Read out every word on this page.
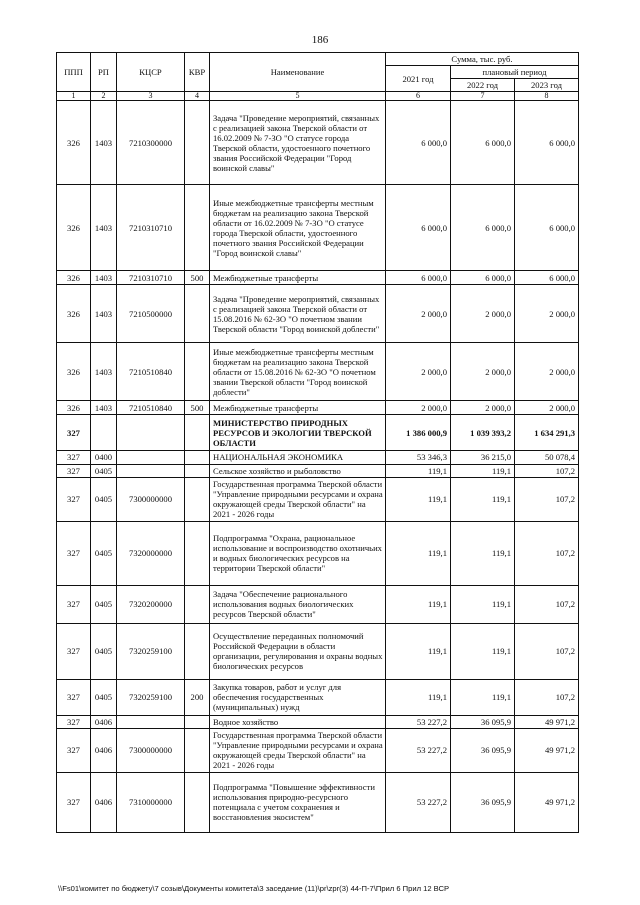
186
ППП	РП	КЦСР	КВР	Наименование	Сумма, тыс. руб.		
					2021 год	плановый период	
						2022 год	2023 год
1	2	3	4	5	6	7	8
326	1403	7210300000		Задача "Проведение мероприятий, связанных с реализацией закона Тверской области от 16.02.2009 № 7-ЗО "О статусе города Тверской области, удостоенного почетного звания Российской Федерации "Город воинской славы"	6 000,0	6 000,0	6 000,0
326	1403	7210310710		Иные межбюджетные трансферты местным бюджетам на реализацию закона Тверской области от 16.02.2009 № 7-ЗО "О статусе города Тверской области, удостоенного почетного звания Российской Федерации "Город воинской славы"	6 000,0	6 000,0	6 000,0
326	1403	7210310710	500	Межбюджетные трансферты	6 000,0	6 000,0	6 000,0
326	1403	7210500000		Задача "Проведение мероприятий, связанных с реализацией закона Тверской области от 15.08.2016 № 62-ЗО "О почетном звании Тверской области "Город воинской доблести"	2 000,0	2 000,0	2 000,0
326	1403	7210510840		Иные межбюджетные трансферты местным бюджетам на реализацию закона Тверской области от 15.08.2016 № 62-ЗО "О почетном звании Тверской области "Город воинской доблести"	2 000,0	2 000,0	2 000,0
326	1403	7210510840	500	Межбюджетные трансферты	2 000,0	2 000,0	2 000,0
327				МИНИСТЕРСТВО ПРИРОДНЫХ РЕСУРСОВ И ЭКОЛОГИИ ТВЕРСКОЙ ОБЛАСТИ	1 386 000,9	1 039 393,2	1 634 291,3
327	0400			НАЦИОНАЛЬНАЯ ЭКОНОМИКА	53 346,3	36 215,0	50 078,4
327	0405			Сельское хозяйство и рыболовство	119,1	119,1	107,2
327	0405	7300000000		Государственная программа Тверской области "Управление природными ресурсами и охрана окружающей среды Тверской области" на 2021 - 2026 годы	119,1	119,1	107,2
327	0405	7320000000		Подпрограмма "Охрана, рациональное использование и воспроизводство охотничьих и водных биологических ресурсов на территории Тверской области"	119,1	119,1	107,2
327	0405	7320200000		Задача "Обеспечение рационального использования водных биологических ресурсов Тверской области"	119,1	119,1	107,2
327	0405	7320259100		Осуществление переданных полномочий Российской Федерации в области организации, регулирования и охраны водных биологических ресурсов	119,1	119,1	107,2
327	0405	7320259100	200	Закупка товаров, работ и услуг для обеспечения государственных (муниципальных) нужд	119,1	119,1	107,2
327	0406			Водное хозяйство	53 227,2	36 095,9	49 971,2
327	0406	7300000000		Государственная программа Тверской области "Управление природными ресурсами и охрана окружающей среды Тверской области" на 2021 - 2026 годы	53 227,2	36 095,9	49 971,2
327	0406	7310000000		Подпрограмма "Повышение эффективности использования природно-ресурсного потенциала с учетом сохранения и восстановления экосистем"	53 227,2	36 095,9	49 971,2
\\Fs01\комитет по бюджету\7 созыв\Документы комитета\3 заседание (11)\pr\zpr(3) 44-П-7\Прил 6 Прил 12 ВСР
